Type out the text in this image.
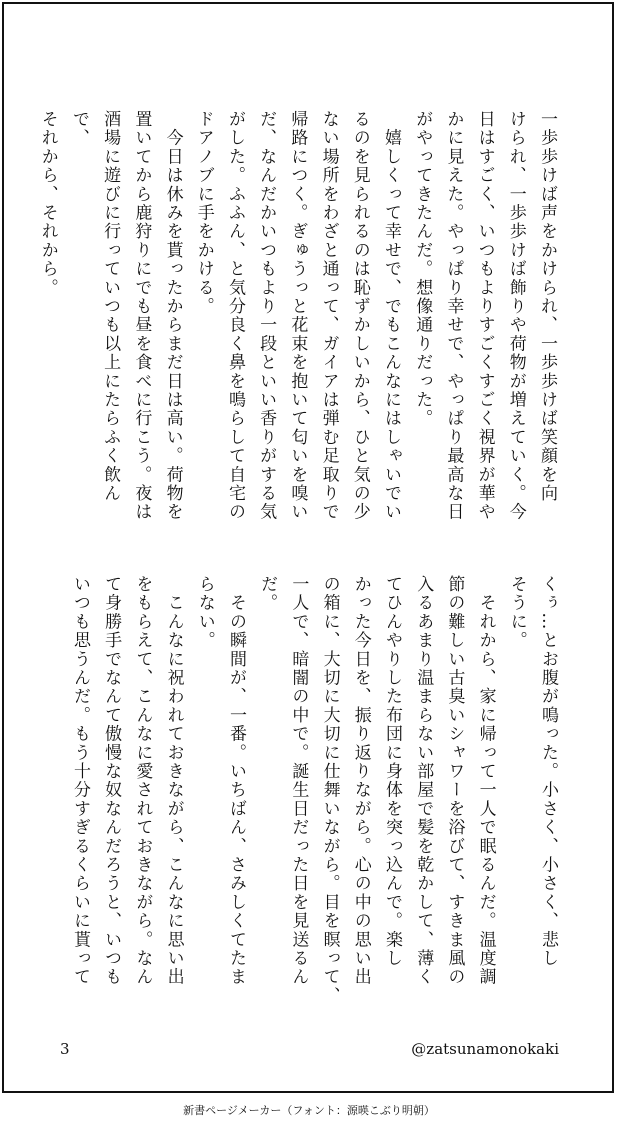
一歩歩けば声をかけられ、一歩歩けば笑顔を向
けられ、一歩歩けば飾りや荷物が増えていく。今
日はすごく、いつもよりすごくすごく視界が華や
かに見えた。やっぱり幸せで、やっぱり最高な日
がやってきたんだ。想像通りだった。
　嬉しくって幸せで、でもこんなにはしゃいでい
るのを見られるのは恥ずかしいから、ひと気の少
ない場所をわざと通って、ガイアは弾む足取りで
帰路につく。ぎゅうっと花束を抱いて匂いを嗅い
だ、なんだかいつもより一段といい香りがする気
がした。ふふん、と気分良く鼻を鳴らして自宅の
ドアノブに手をかける。
　今日は休みを貰ったからまだ日は高い。荷物を
置いてから鹿狩りにでも昼を食べに行こう。夜は
酒場に遊びに行っていつも以上にたらふく飲んで、
それから、それから。
くぅ…とお腹が鳴った。小さく、小さく、悲し
そうに。
　それから、家に帰って一人で眠るんだ。温度調
節の難しい古臭いシャワーを浴びて、すきま風の
入るあまり温まらない部屋で髪を乾かして、薄く
てひんやりした布団に身体を突っ込んで。楽し
かった今日を、振り返りながら。心の中の思い出
の箱に、大切に大切に仕舞いながら。目を瞑って、
一人で、暗闇の中で。誕生日だった日を見送るん
だ。
　その瞬間が、一番。いちばん、さみしくてたま
らない。
　こんなに祝われておきながら、こんなに思い出
をもらえて、こんなに愛されておきながら。なん
て身勝手でなんて傲慢な奴なんだろうと、いつも
いつも思うんだ。もう十分すぎるくらいに貰って
3	@zatsunamonokaki
新書ページメーカー（フォント：源暎こぶり明朝）
